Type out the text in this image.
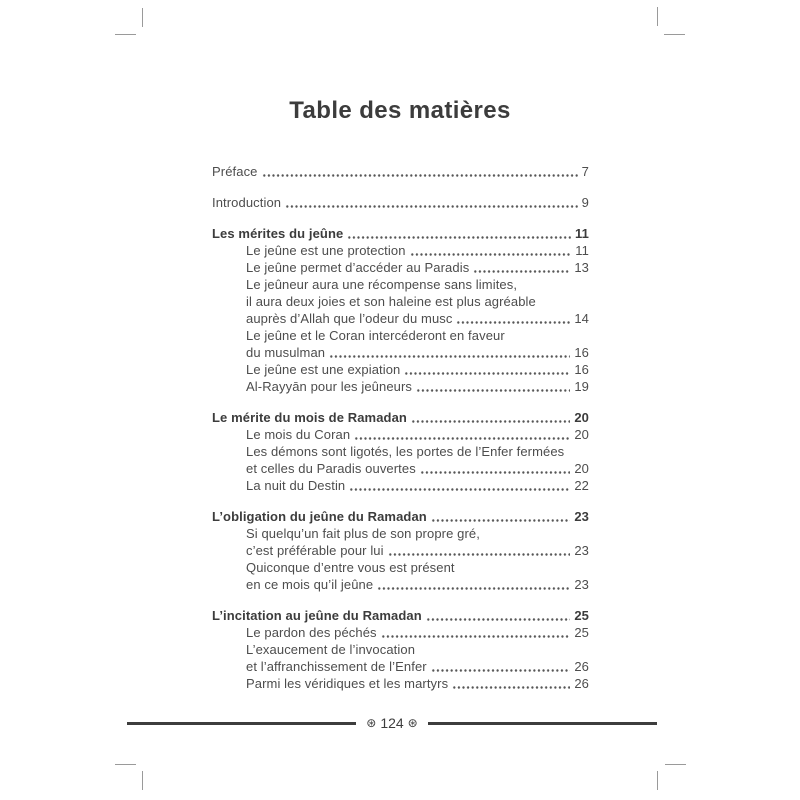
Table des matières
Préface	7
Introduction	9
Les mérites du jeûne	11
Le jeûne est une protection	11
Le jeûne permet d’accéder au Paradis	13
Le jeûneur aura une récompense sans limites,
il aura deux joies et son haleine est plus agréable
auprès d’Allah que l’odeur du musc	14
Le jeûne et le Coran intercéderont en faveur
du musulman	16
Le jeûne est une expiation	16
Al-Rayyān pour les jeûneurs	19
Le mérite du mois de Ramadan	20
Le mois du Coran	20
Les démons sont ligotés, les portes de l’Enfer fermées
et celles du Paradis ouvertes	20
La nuit du Destin	22
L’obligation du jeûne du Ramadan	23
Si quelqu’un fait plus de son propre gré,
c’est préférable pour lui	23
Quiconque d’entre vous est présent
en ce mois qu’il jeûne	23
L’incitation au jeûne du Ramadan	25
Le pardon des péchés	25
L’exaucement de l’invocation
et l’affranchissement de l’Enfer	26
Parmi les véridiques et les martyrs	26
⊛ 124 ⊛
